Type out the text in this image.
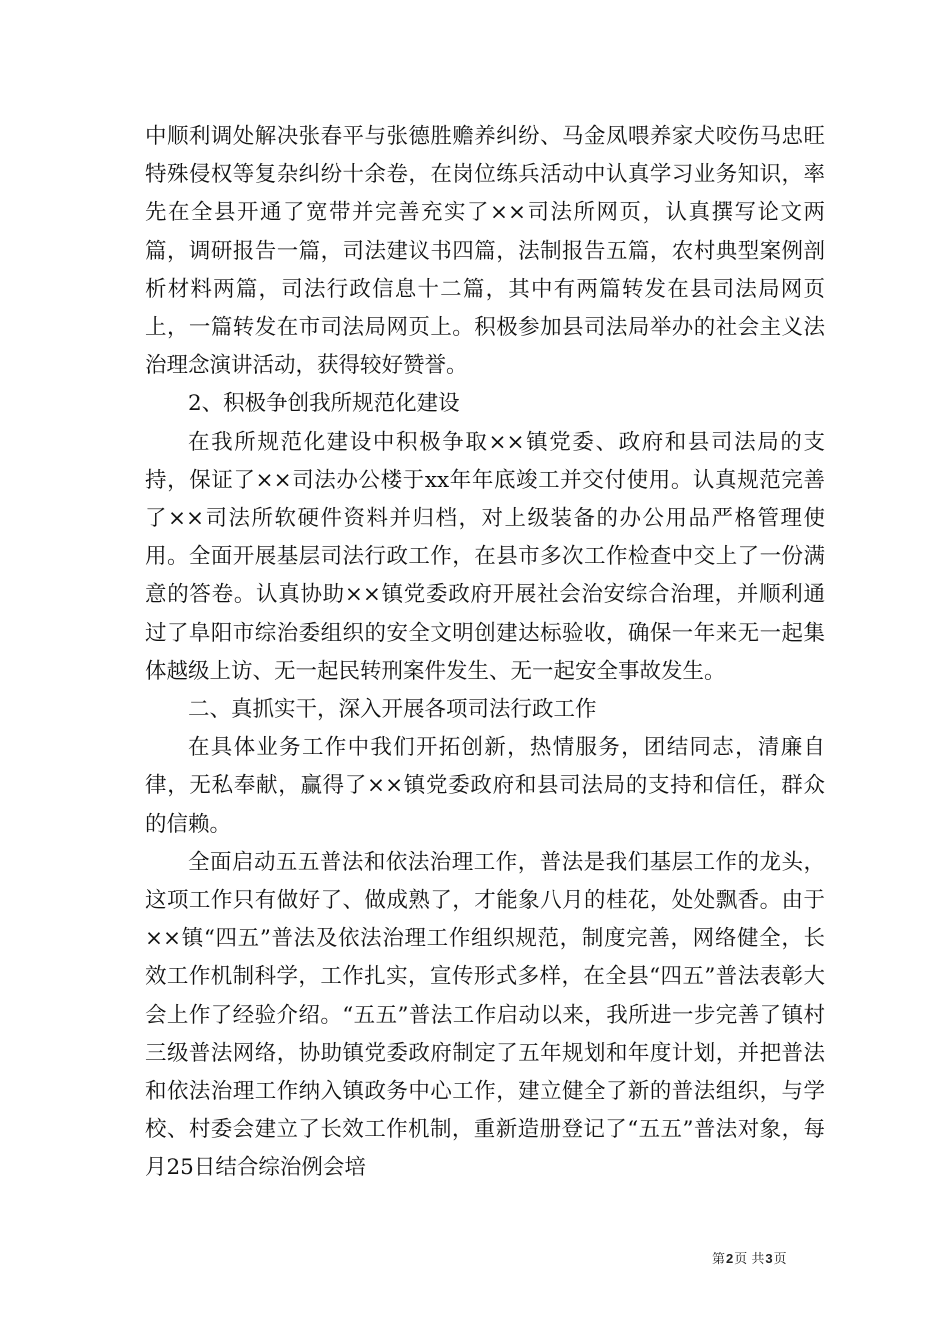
中顺利调处解决张春平与张德胜赡养纠纷、马金凤喂养家犬咬伤马忠旺特殊侵权等复杂纠纷十余卷，在岗位练兵活动中认真学习业务知识，率先在全县开通了宽带并完善充实了××司法所网页，认真撰写论文两篇，调研报告一篇，司法建议书四篇，法制报告五篇，农村典型案例剖析材料两篇，司法行政信息十二篇，其中有两篇转发在县司法局网页上，一篇转发在市司法局网页上。积极参加县司法局举办的社会主义法治理念演讲活动，获得较好赞誉。

2、积极争创我所规范化建设

在我所规范化建设中积极争取××镇党委、政府和县司法局的支持，保证了××司法办公楼于xx年年底竣工并交付使用。认真规范完善了××司法所软硬件资料并归档，对上级装备的办公用品严格管理使用。全面开展基层司法行政工作，在县市多次工作检查中交上了一份满意的答卷。认真协助××镇党委政府开展社会治安综合治理，并顺利通过了阜阳市综治委组织的安全文明创建达标验收，确保一年来无一起集体越级上访、无一起民转刑案件发生、无一起安全事故发生。

二、真抓实干，深入开展各项司法行政工作

在具体业务工作中我们开拓创新，热情服务，团结同志，清廉自律，无私奉献，赢得了××镇党委政府和县司法局的支持和信任，群众的信赖。

全面启动五五普法和依法治理工作，普法是我们基层工作的龙头，这项工作只有做好了、做成熟了，才能象八月的桂花，处处飘香。由于××镇“四五”普法及依法治理工作组织规范，制度完善，网络健全，长效工作机制科学，工作扎实，宣传形式多样，在全县“四五”普法表彰大会上作了经验介绍。“五五”普法工作启动以来，我所进一步完善了镇村三级普法网络，协助镇党委政府制定了五年规划和年度计划，并把普法和依法治理工作纳入镇政务中心工作，建立健全了新的普法组织，与学校、村委会建立了长效工作机制，重新造册登记了“五五”普法对象，每月25日结合综治例会培

第2页 共3页
